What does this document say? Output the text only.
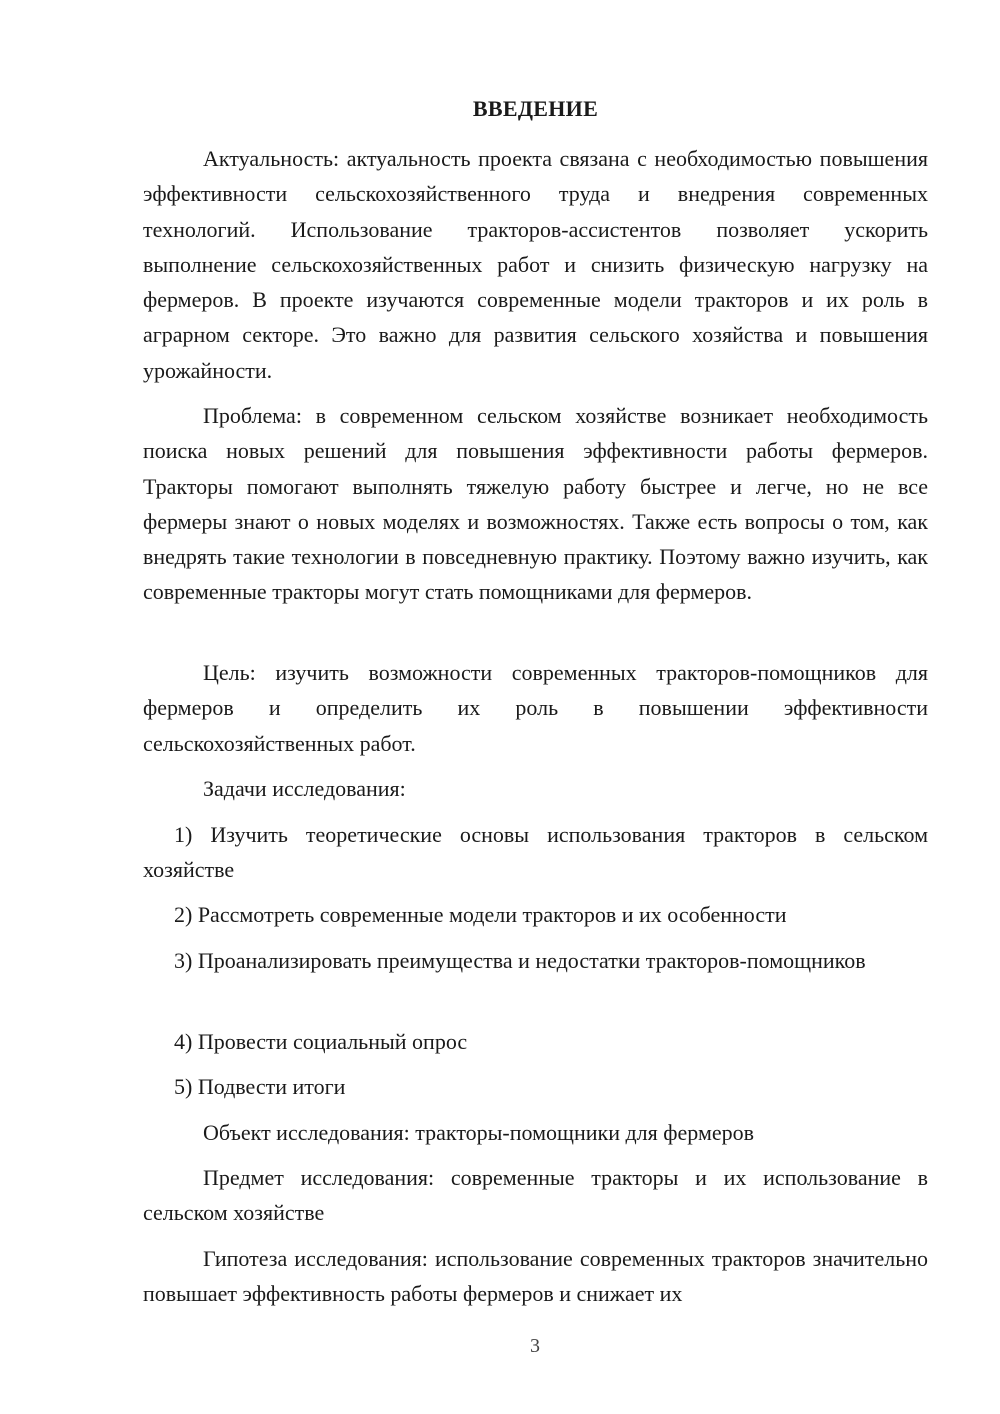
ВВЕДЕНИЕ

Актуальность: актуальность проекта связана с необходимостью повышения эффективности сельскохозяйственного труда и внедрения современных технологий. Использование тракторов-ассистентов позволяет ускорить выполнение сельскохозяйственных работ и снизить физическую нагрузку на фермеров. В проекте изучаются современные модели тракторов и их роль в аграрном секторе. Это важно для развития сельского хозяйства и повышения урожайности.

Проблема: в современном сельском хозяйстве возникает необходимость поиска новых решений для повышения эффективности работы фермеров. Тракторы помогают выполнять тяжелую работу быстрее и легче, но не все фермеры знают о новых моделях и возможностях. Также есть вопросы о том, как внедрять такие технологии в повседневную практику. Поэтому важно изучить, как современные тракторы могут стать помощниками для фермеров.

Цель: изучить возможности современных тракторов-помощников для фермеров и определить их роль в повышении эффективности сельскохозяйственных работ.

Задачи исследования:

1) Изучить теоретические основы использования тракторов в сельском хозяйстве

2) Рассмотреть современные модели тракторов и их особенности

3) Проанализировать преимущества и недостатки тракторов-помощников

4) Провести социальный опрос

5) Подвести итоги

Объект исследования: тракторы-помощники для фермеров

Предмет исследования: современные тракторы и их использование в сельском хозяйстве

Гипотеза исследования: использование современных тракторов значительно повышает эффективность работы фермеров и снижает их

3
